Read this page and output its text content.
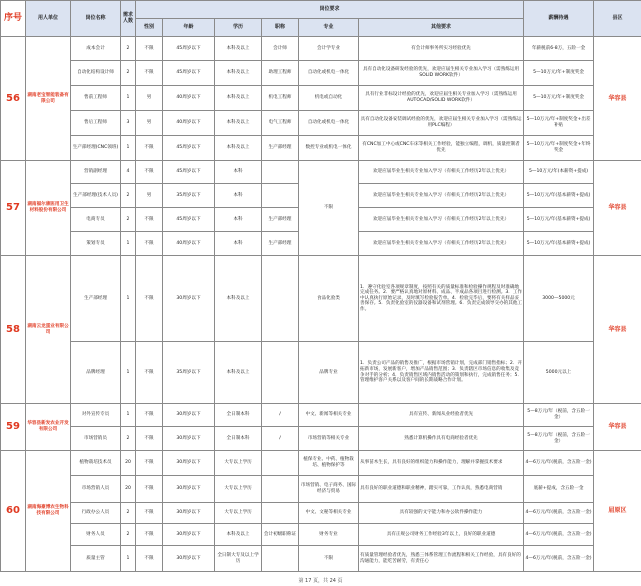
序号	用人单位	岗位名称	需求人数	岗位要求						薪酬待遇	县区
				性别	年龄	学历	职称	专业	其他要求		
56	湖南老宝智能装备有限公司	成本会计	2	不限	45周岁以下	本科及以上	会计师	会计学专业	有会计师事务所实习经验优先	年薪税前6-8万，五险一金	华容县
		自动化结构设计师	2	不限	45周岁以下	本科及以上	助理工程师	自动化或机电一体化	具有自动化设备研发经验的优先，欢迎应届生相关专业加入学习（需熟练运用SOLID WORK软件）	5—10万元/年+制度奖金	
		售前工程师	1	男	40周岁以下	本科及以上	机电工程师	机电或自动化	具有行业非标设计经验的优先，欢迎应届生相关专业加入学习（需熟练运用AUTOCAD/SOLID WORK软件）	5—10万元/年+制度奖金	
		售后工程师	3	男	40周岁以下	本科及以上	电气工程师	自动化或机电一体化	具有自动化设备安装调试经验的优先，欢迎应届生相关专业加入学习（需熟练运用PLC编程）	5—10万元/年+制度奖金+出差补贴	
		生产部经理(CNC领班)	1	不限	45周岁以下	本科及以上	生产部经理	数控专业或机电一体化	有CNC加工中心或CNC车床等相关工作经验，能独立编程，调机，质量控制者优先	5—10万元/年+制度奖金+年终奖金	
57	湖南福尔康医用卫生材料股份有限公司	营销副经理	4	不限	45周岁以下	本科		不限	欢迎应届毕业生相关专业加入学习（有相关工作经历2年以上优先）	5—10万元/年(本薪资+提成)	华容县
		生产部经理(技术人员)	2	男	35周岁以下	本科			欢迎应届毕业生相关专业加入学习（有相关工作经历2年以上优先）	5—10万元/年(基本薪资+提成)	
		电商专员	2	不限	45周岁以下	本科	生产部经理		欢迎应届毕业生相关专业加入学习（有相关工作经历2年以上优先）	5—10万元/年(基本薪资+提成)	
		策划专员	1	不限	40周岁以下	本科	生产部经理		欢迎应届毕业生相关专业加入学习（有相关工作经历2年以上优先）	5—10万元/年(基本薪资+提成)	
58	湖南云龙蛋业有限公司	生产部经理	1	不限	30周岁以下	本科及以上		食品化验类	1．遵守化验室各项规章制度，按照有关的质量标准和检验操作规程及时准确地完成任务。2．要严格认真地对原材料、成品、半成品各项目进行检测。3．工作中认真执行原始记录，及时填写检验报告单。4．检验完毕后，要将有关样品妥善保存。5．负责化验室的仪器设备和试剂管理。6．负责完成领导交办的其他工作。	3000—5000元	华容县
		品牌经理	1	不限	35周岁以下	本科及以上		品牌专业	1．负责公司产品的销售及推广，根据市场营销计划，完成部门销售指标；2．开拓新市场，发展新客户，增加产品销售范围；3．负责辖区市场信息的收集及竞争对手的分析；4．负责销售区域内销售活动的策划和执行，完成销售任务；5．管理维护客户关系以及客户间的长期战略合作计划。	5000元以上	
59	华容县新发农业开发有限公司	对外宣传专员	1	不限	30周岁以下	全日制本科	/	中文、新闻等相关专业	具有宣传、新闻从业经验者优先	5—8万元/年（税前，含五险一金）	华容县
		市场营销员	2	不限	30周岁以下	全日制本科	/	市场营销等相关专业	熟悉计算机操作具有电商经验者优先	5—8万元/年（税前，含五险一金）	
60	湖南海豪博农生物科技有限公司	植物栽培技术员	20	不限	30周岁以下	大专以上学历		植保专业、中药、植物栽培、植物保护等	从事苗木生长，具有良好的组织能力和操作能力，理解并掌握技术要求	4—6万元/年(税前，含五险一金)	屈原区
		市场营销人员	20	不限	30周岁以下	大专以上学历		市场营销、电子商务、国际经济与贸易	具有良好的职业道德和职业精神，踏实可靠，工作认真，熟悉电商营销	底薪+提成，含五险一金	
		行政办公人员	2	不限	30周岁以下	大专以上学历		中文、文秘等相关专业	具有较强的文字能力和办公软件操作能力	4—6万元/年(税前，含五险一金)	
		财务人员	2	不限	30周岁以下	本科及以上	会计初级职称证	财务专业	具有正规公司财务工作经验3年以上，良好的职业道德	4—6万元/年(税前，含五险一金)	
		质量主管	1	不限	30周岁以下	全日制大专及以上学历		不限	有质量管理经验者优先，熟悉三体系管理工作流程和相关工作经验，具有良好的沟通能力，能吃苦耐劳，有责任心	4—6万元/年(税前，含五险一金)	
第 17 页，共 24 页
